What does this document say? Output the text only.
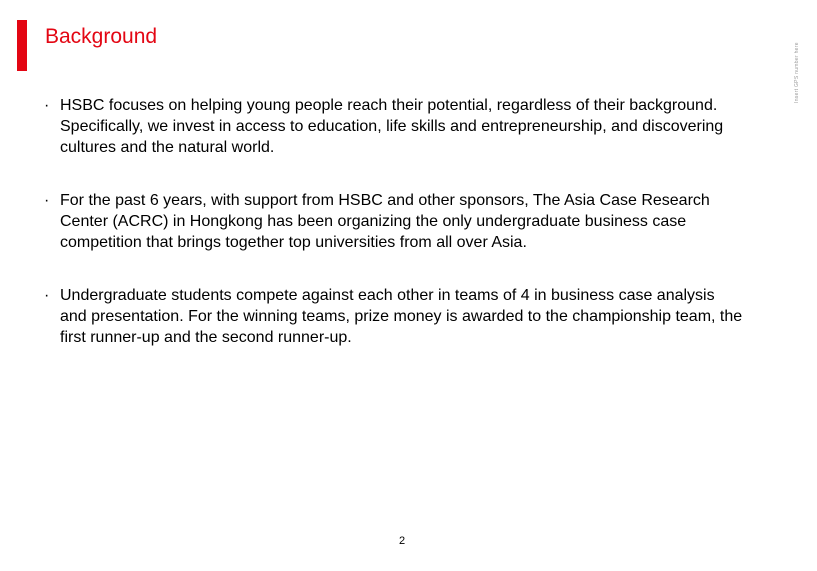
Background
Insert GPS number here
· HSBC focuses on helping young people reach their potential, regardless of their background. Specifically, we invest in access to education, life skills and entrepreneurship, and discovering cultures and the natural world.
· For the past 6 years, with support from HSBC and other sponsors, The Asia Case Research Center (ACRC) in Hongkong has been organizing the only undergraduate business case competition that brings together top universities from all over Asia.
· Undergraduate students compete against each other in teams of 4 in business case analysis and presentation. For the winning teams, prize money is awarded to the championship team, the first runner-up and the second runner-up.
2
